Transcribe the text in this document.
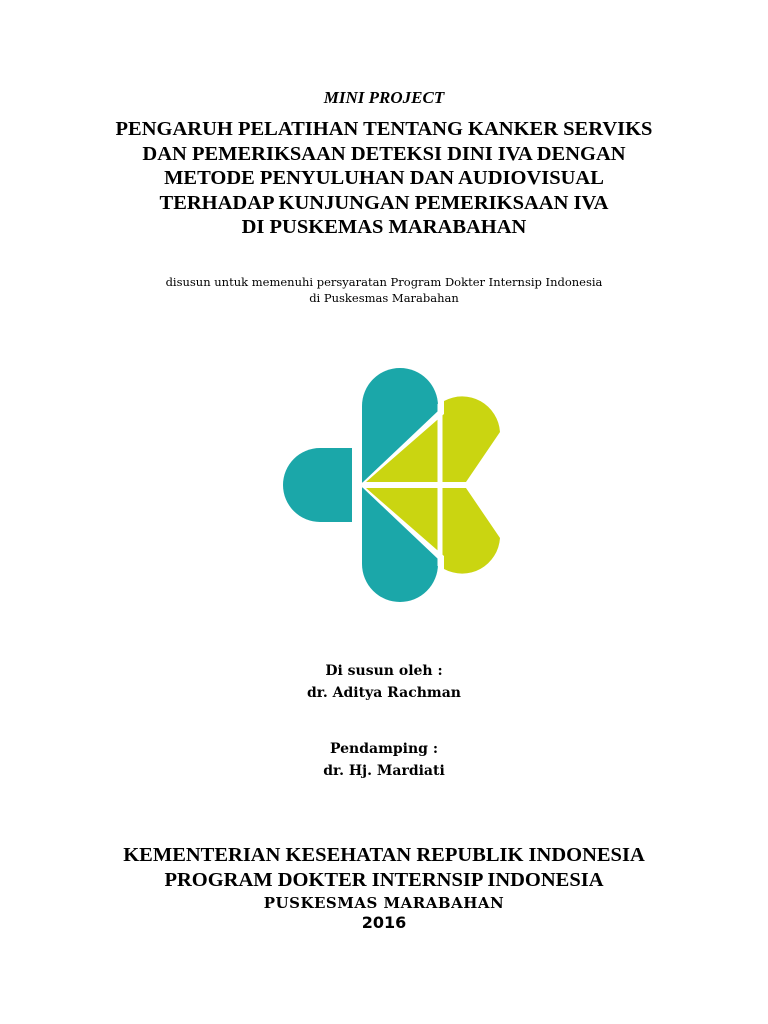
MINI PROJECT
PENGARUH PELATIHAN TENTANG KANKER SERVIKS
DAN PEMERIKSAAN DETEKSI DINI IVA DENGAN
METODE PENYULUHAN DAN AUDIOVISUAL
TERHADAP KUNJUNGAN PEMERIKSAAN IVA
DI PUSKEMAS MARABAHAN
disusun untuk memenuhi persyaratan Program Dokter Internsip Indonesia
di Puskesmas Marabahan
Di susun oleh :
dr. Aditya Rachman
Pendamping :
dr. Hj. Mardiati
KEMENTERIAN KESEHATAN REPUBLIK INDONESIA
PROGRAM DOKTER INTERNSIP INDONESIA
PUSKESMAS MARABAHAN
2016
